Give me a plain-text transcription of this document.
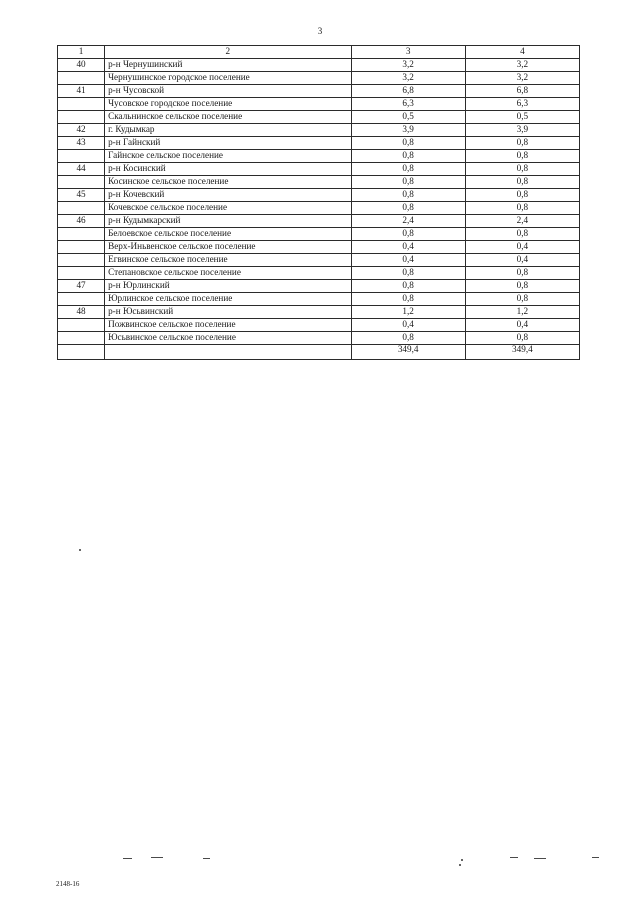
3
1	2	3	4
40	р-н Чернушинский	3,2	3,2
	Чернушинское городское поселение	3,2	3,2
41	р-н Чусовской	6,8	6,8
	Чусовское городское поселение	6,3	6,3
	Скальнинское сельское поселение	0,5	0,5
42	г. Кудымкар	3,9	3,9
43	р-н Гайнский	0,8	0,8
	Гайнское сельское поселение	0,8	0,8
44	р-н Косинский	0,8	0,8
	Косинское сельское поселение	0,8	0,8
45	р-н Кочевский	0,8	0,8
	Кочевское сельское поселение	0,8	0,8
46	р-н Кудымкарский	2,4	2,4
	Белоевское сельское поселение	0,8	0,8
	Верх-Иньвенское сельское поселение	0,4	0,4
	Егвинское сельское поселение	0,4	0,4
	Степановское сельское поселение	0,8	0,8
47	р-н Юрлинский	0,8	0,8
	Юрлинское сельское поселение	0,8	0,8
48	р-н Юсьвинский	1,2	1,2
	Пожвинское сельское поселение	0,4	0,4
	Юсьвинское сельское поселение	0,8	0,8
		349,4	349,4
2148-16
